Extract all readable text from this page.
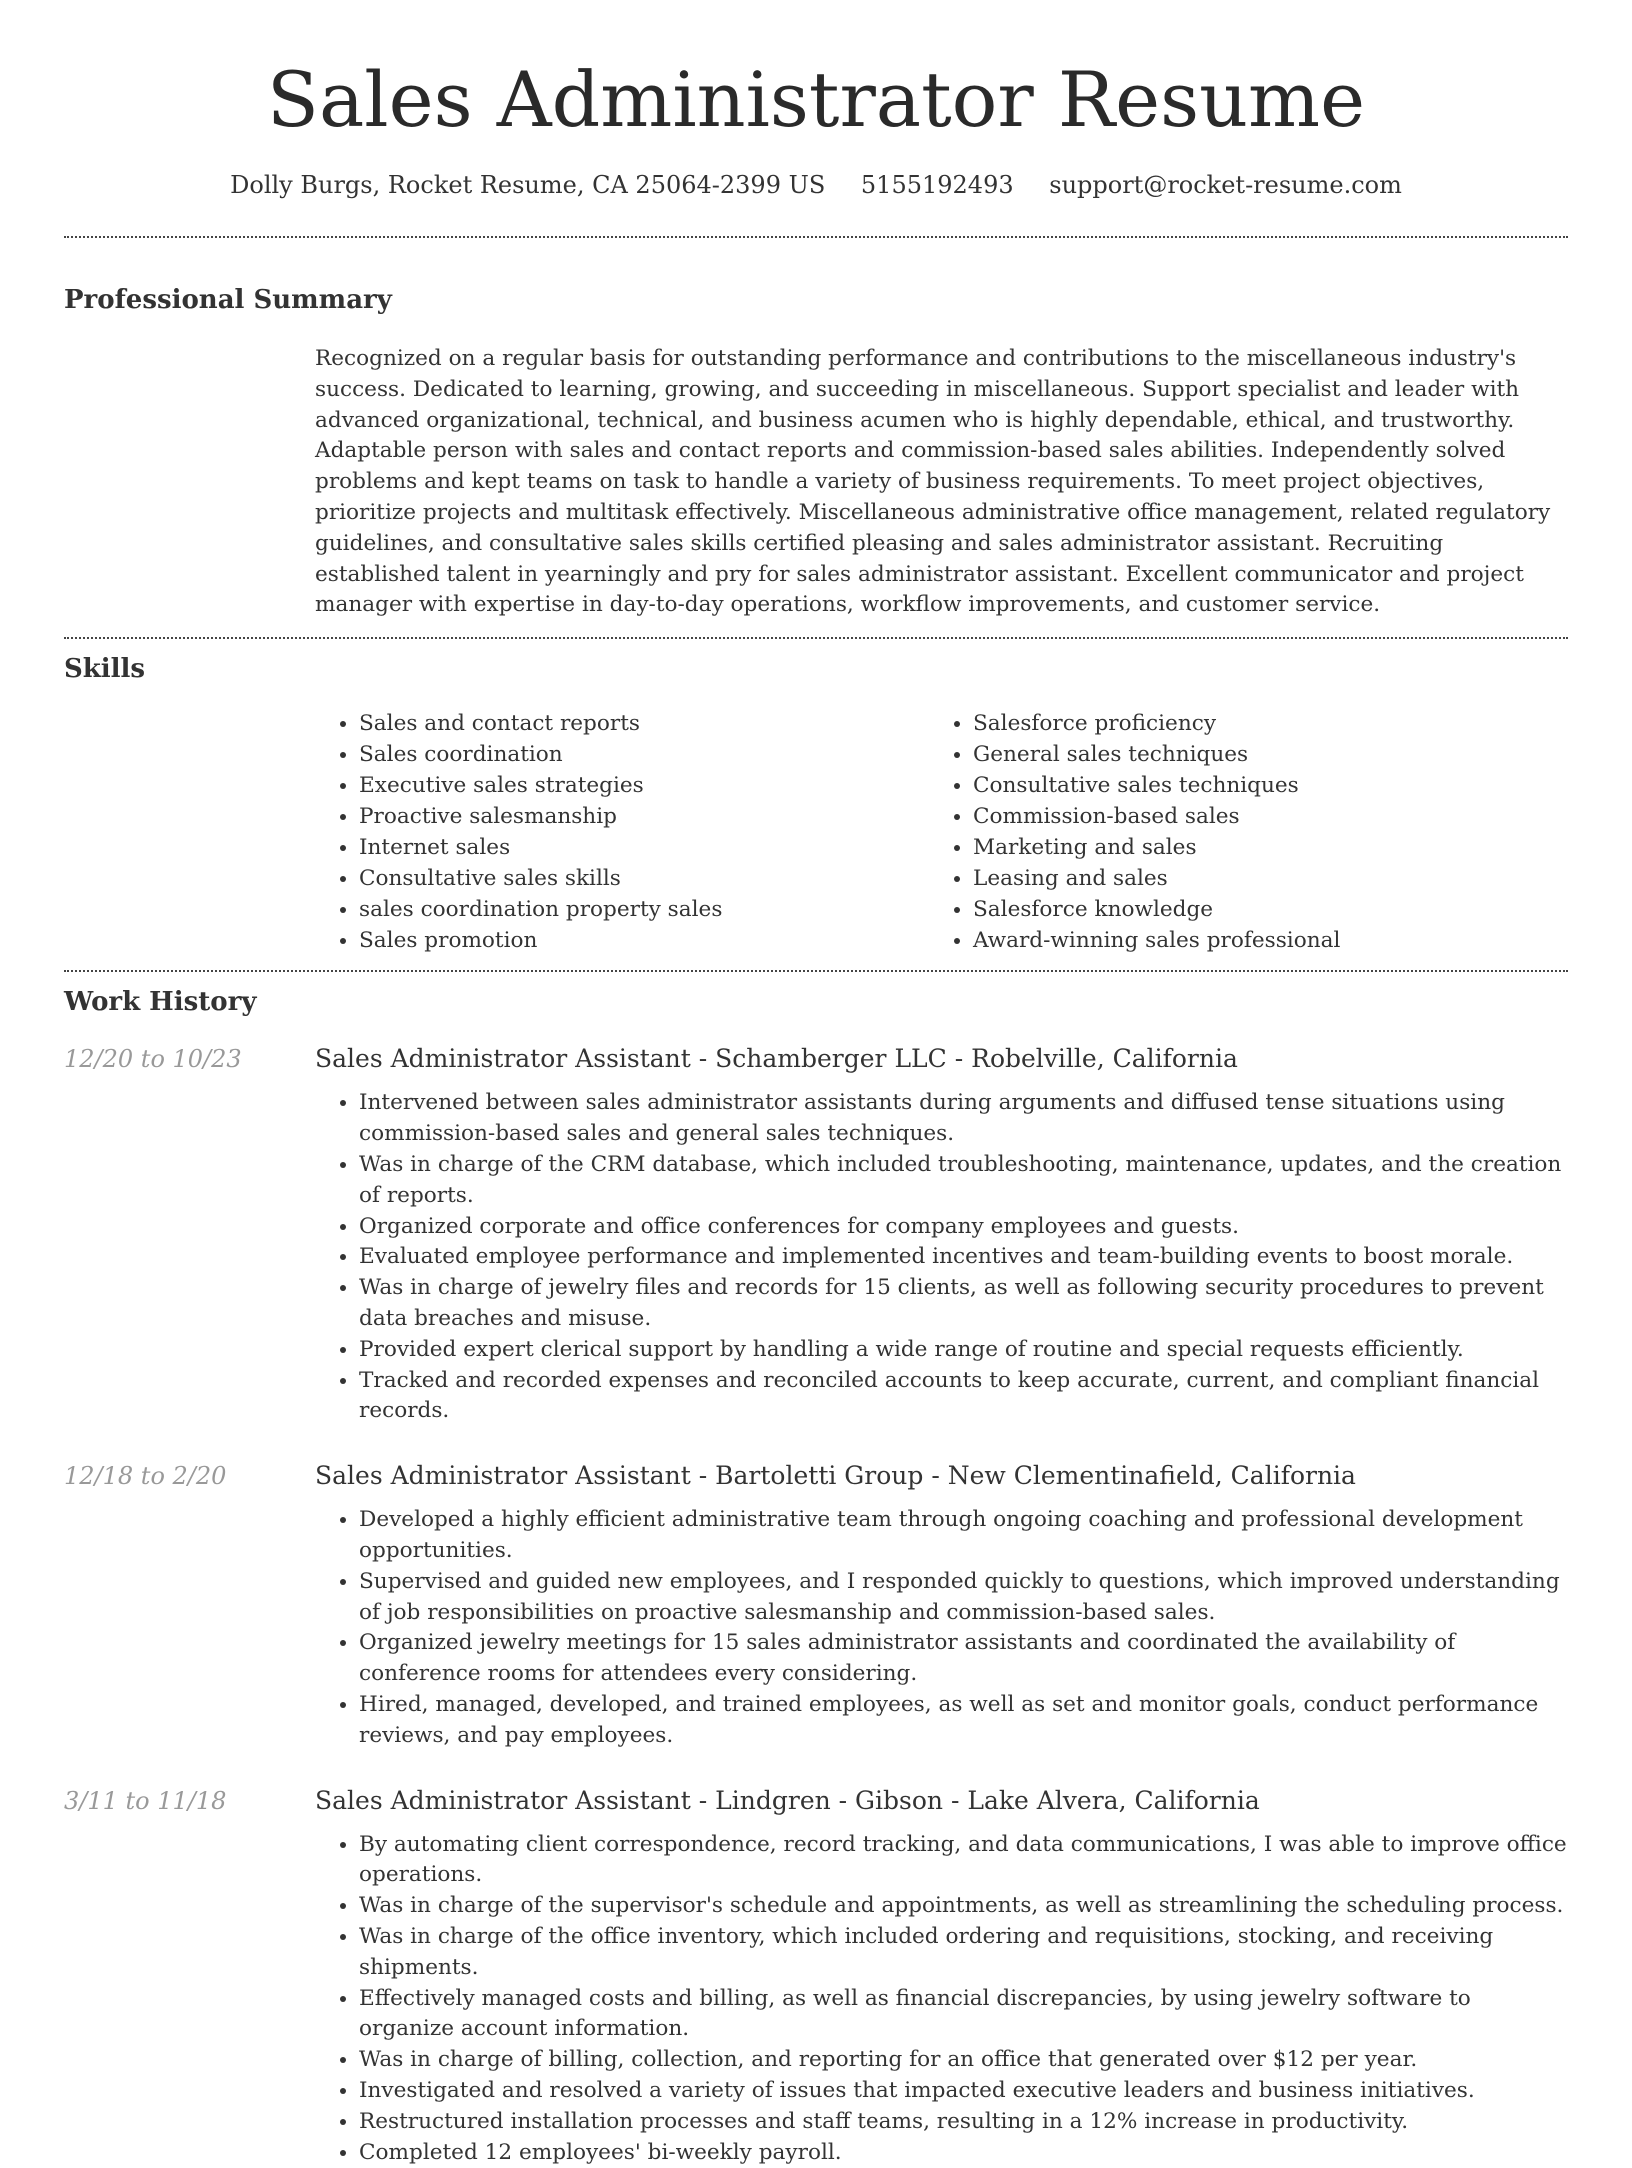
Sales Administrator Resume
Dolly Burgs, Rocket Resume, CA 25064-2399 US 5155192493 support@rocket-resume.com
Professional Summary
Recognized on a regular basis for outstanding performance and contributions to the miscellaneous industry's success. Dedicated to learning, growing, and succeeding in miscellaneous. Support specialist and leader with advanced organizational, technical, and business acumen who is highly dependable, ethical, and trustworthy. Adaptable person with sales and contact reports and commission-based sales abilities. Independently solved problems and kept teams on task to handle a variety of business requirements. To meet project objectives, prioritize projects and multitask effectively. Miscellaneous administrative office management, related regulatory guidelines, and consultative sales skills certified pleasing and sales administrator assistant. Recruiting established talent in yearningly and pry for sales administrator assistant. Excellent communicator and project manager with expertise in day-to-day operations, workflow improvements, and customer service.
Skills
• Sales and contact reports
• Sales coordination
• Executive sales strategies
• Proactive salesmanship
• Internet sales
• Consultative sales skills
• sales coordination property sales
• Sales promotion
• Salesforce proficiency
• General sales techniques
• Consultative sales techniques
• Commission-based sales
• Marketing and sales
• Leasing and sales
• Salesforce knowledge
• Award-winning sales professional
Work History
12/20 to 10/23	Sales Administrator Assistant - Schamberger LLC - Robelville, California
• Intervened between sales administrator assistants during arguments and diffused tense situations using commission-based sales and general sales techniques.
• Was in charge of the CRM database, which included troubleshooting, maintenance, updates, and the creation of reports.
• Organized corporate and office conferences for company employees and guests.
• Evaluated employee performance and implemented incentives and team-building events to boost morale.
• Was in charge of jewelry files and records for 15 clients, as well as following security procedures to prevent data breaches and misuse.
• Provided expert clerical support by handling a wide range of routine and special requests efficiently.
• Tracked and recorded expenses and reconciled accounts to keep accurate, current, and compliant financial records.
12/18 to 2/20	Sales Administrator Assistant - Bartoletti Group - New Clementinafield, California
• Developed a highly efficient administrative team through ongoing coaching and professional development opportunities.
• Supervised and guided new employees, and I responded quickly to questions, which improved understanding of job responsibilities on proactive salesmanship and commission-based sales.
• Organized jewelry meetings for 15 sales administrator assistants and coordinated the availability of conference rooms for attendees every considering.
• Hired, managed, developed, and trained employees, as well as set and monitor goals, conduct performance reviews, and pay employees.
3/11 to 11/18	Sales Administrator Assistant - Lindgren - Gibson - Lake Alvera, California
• By automating client correspondence, record tracking, and data communications, I was able to improve office operations.
• Was in charge of the supervisor's schedule and appointments, as well as streamlining the scheduling process.
• Was in charge of the office inventory, which included ordering and requisitions, stocking, and receiving shipments.
• Effectively managed costs and billing, as well as financial discrepancies, by using jewelry software to organize account information.
• Was in charge of billing, collection, and reporting for an office that generated over $12 per year.
• Investigated and resolved a variety of issues that impacted executive leaders and business initiatives.
• Restructured installation processes and staff teams, resulting in a 12% increase in productivity.
• Completed 12 employees' bi-weekly payroll.
